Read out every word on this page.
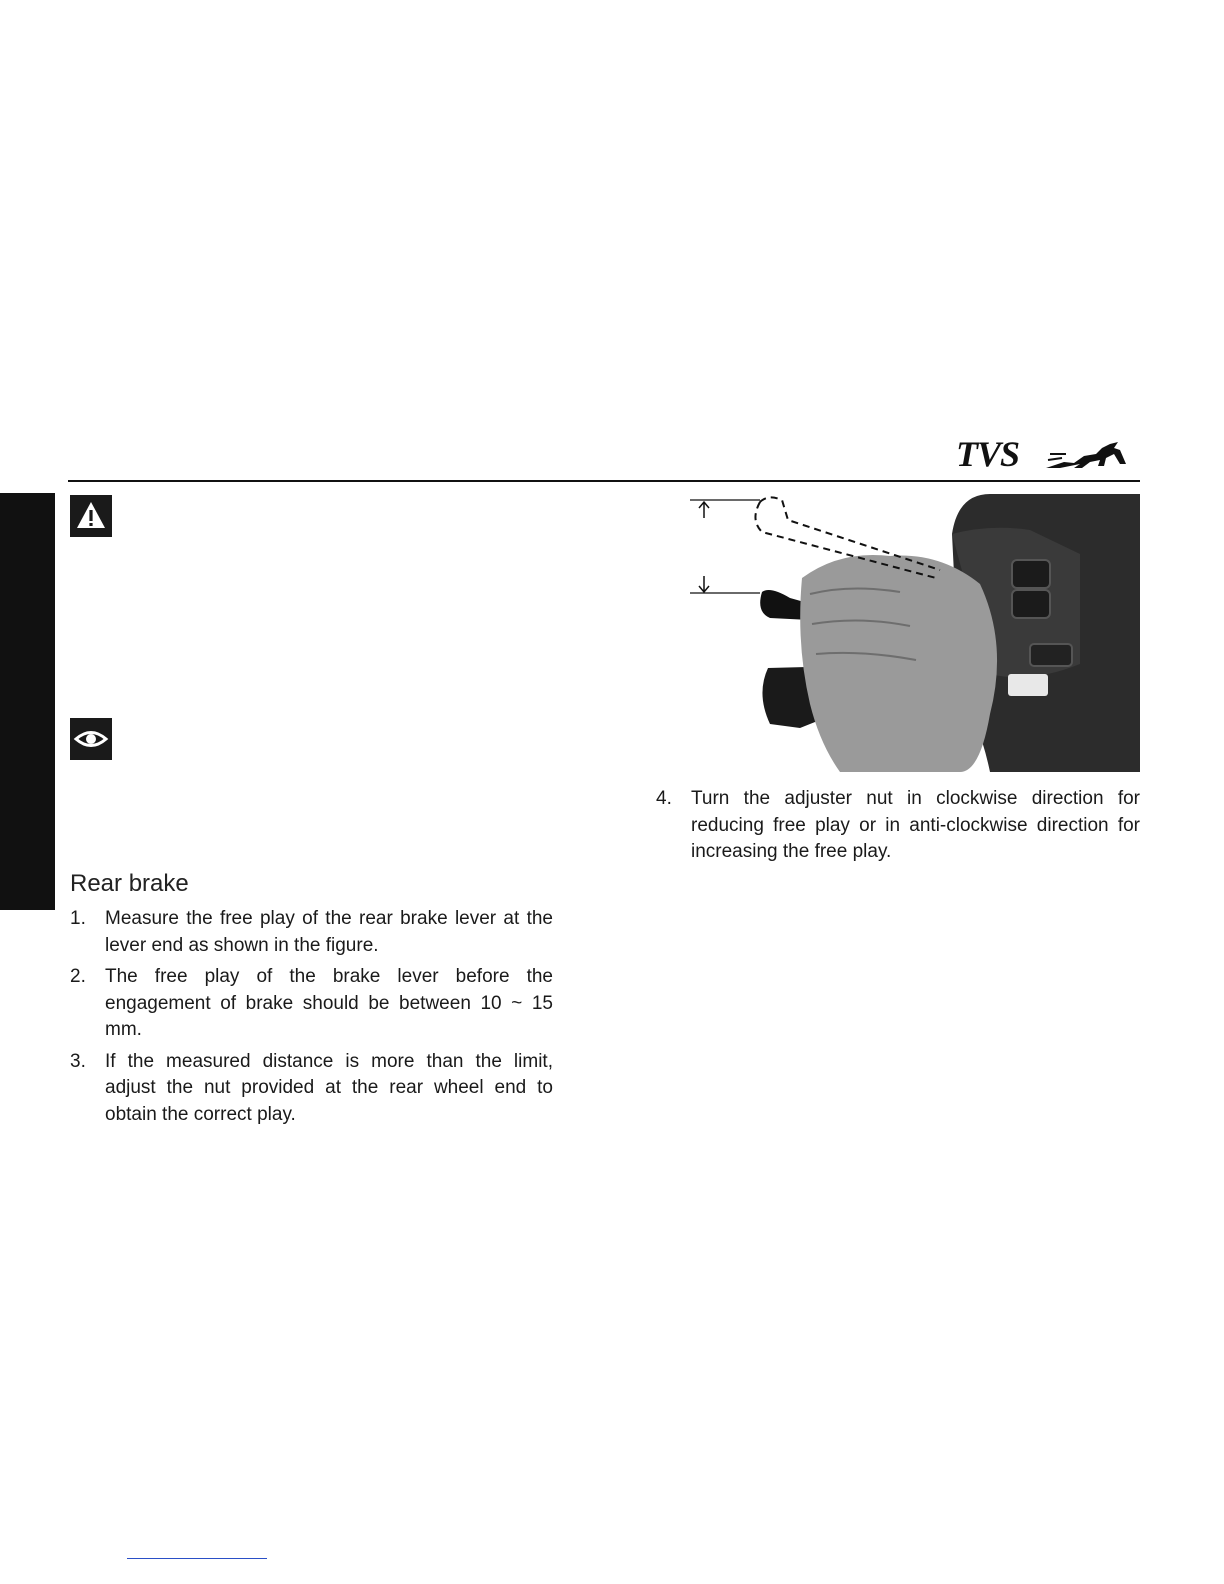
TVS
Rear brake
1. Measure the free play of the rear brake lever at the lever end as shown in the figure.
2. The free play of the brake lever before the engagement of brake should be between 10 ~ 15 mm.
3. If the measured distance is more than the limit, adjust the nut provided at the rear wheel end to obtain the correct play.
4. Turn the adjuster nut in clockwise direction for reducing free play or in anti-clockwise direction for increasing the free play.
